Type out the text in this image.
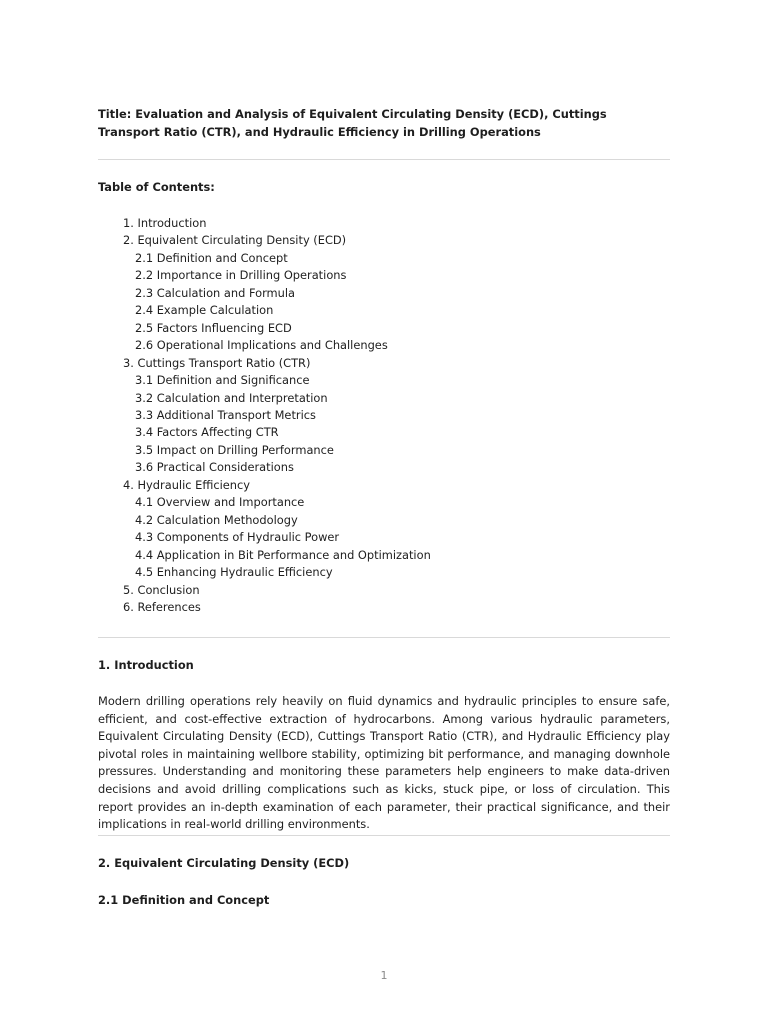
Title: Evaluation and Analysis of Equivalent Circulating Density (ECD), Cuttings Transport Ratio (CTR), and Hydraulic Efficiency in Drilling Operations

Table of Contents:

1. Introduction
2. Equivalent Circulating Density (ECD)
2.1 Definition and Concept
2.2 Importance in Drilling Operations
2.3 Calculation and Formula
2.4 Example Calculation
2.5 Factors Influencing ECD
2.6 Operational Implications and Challenges
3. Cuttings Transport Ratio (CTR)
3.1 Definition and Significance
3.2 Calculation and Interpretation
3.3 Additional Transport Metrics
3.4 Factors Affecting CTR
3.5 Impact on Drilling Performance
3.6 Practical Considerations
4. Hydraulic Efficiency
4.1 Overview and Importance
4.2 Calculation Methodology
4.3 Components of Hydraulic Power
4.4 Application in Bit Performance and Optimization
4.5 Enhancing Hydraulic Efficiency
5. Conclusion
6. References

1. Introduction

Modern drilling operations rely heavily on fluid dynamics and hydraulic principles to ensure safe, efficient, and cost-effective extraction of hydrocarbons. Among various hydraulic parameters, Equivalent Circulating Density (ECD), Cuttings Transport Ratio (CTR), and Hydraulic Efficiency play pivotal roles in maintaining wellbore stability, optimizing bit performance, and managing downhole pressures. Understanding and monitoring these parameters help engineers to make data-driven decisions and avoid drilling complications such as kicks, stuck pipe, or loss of circulation. This report provides an in-depth examination of each parameter, their practical significance, and their implications in real-world drilling environments.

2. Equivalent Circulating Density (ECD)

2.1 Definition and Concept

1
